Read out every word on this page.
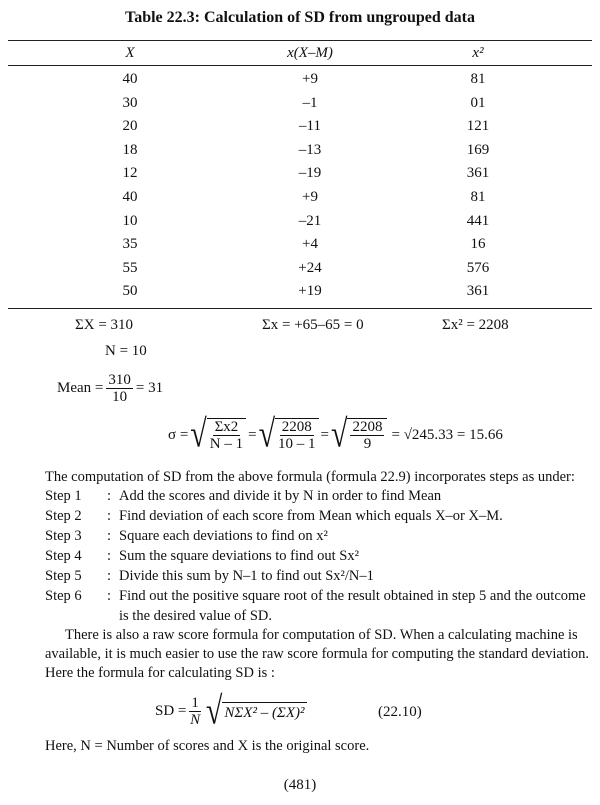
Table 22.3: Calculation of SD from ungrouped data
X	x(X–M)	x²
40	+9	81
30	–1	01
20	–11	121
18	–13	169
12	–19	361
40	+9	81
10	–21	441
35	+4	16
55	+24	576
50	+19	361
ΣX = 310
N = 10
Σx = +65–65 = 0	Σx² = 2208
Mean = $\frac{310}{10} = 31$
σ = √ $\frac{\Sigma x2}{N - 1}$ = √ $\frac{2208}{10 - 1}$ = √ $\frac{2208}{9} = √245.33 = 15.66$
The computation of SD from the above formula (formula 22.9) incorporates steps as under:
Step 1	: Add the scores and divide it by N in order to find Mean
Step 2	: Find deviation of each score from Mean which equals X–or X–M.
Step 3	: Square each deviations to find on x²
Step 4	: Sum the square deviations to find out Sx²
Step 5	: Divide this sum by N–1 to find out Sx²/N–1
Step 6	: Find out the positive square root of the result obtained in step 5 and the outcome is the desired value of SD.
There is also a raw score formula for computation of SD. When a calculating machine is available, it is much easier to use the raw score formula for computing the standard deviation. Here the formula for calculating SD is :
SD = $\frac{1}{N}$ √ NΣX² – (ΣX)²	(22.10)
Here, N = Number of scores and X is the original score.
(481)
